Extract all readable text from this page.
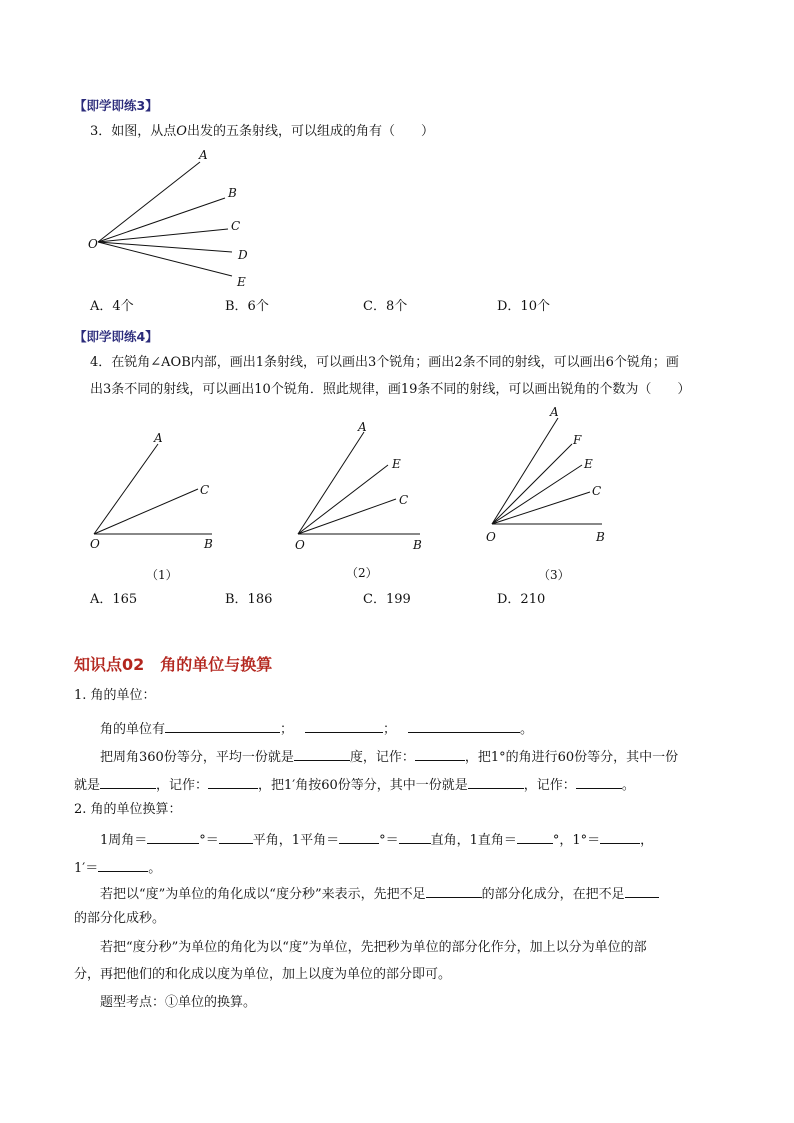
【即学即练3】
3．如图，从点O出发的五条射线，可以组成的角有（　　）
O
A
B
C
D
E
A．4个	B．6个	C．8个	D．10个
【即学即练4】
4．在锐角∠AOB内部，画出1条射线，可以画出3个锐角；画出2条不同的射线，可以画出6个锐角；画
出3条不同的射线，可以画出10个锐角．照此规律，画19条不同的射线，可以画出锐角的个数为（　　）
A
C
O	B
A
E
C
O	B
A
F
E
C
O	B
（1）	（2）	（3）
A．165	B．186	C．199	D．210
知识点02　角的单位与换算
1. 角的单位：
角的单位有	；	；	。
把周角360份等分，平均一份就是	度，记作：	，把1°的角进行60份等分，其中一份
就是	，记作：	，把1′角按60份等分，其中一份就是	，记作：	。
2. 角的单位换算：
1周角＝	°＝	平角，1平角＝	°＝ 直角，1直角＝	°，1°＝	，
1′＝	。
若把以“度”为单位的角化成以“度分秒”来表示，先把不足	的部分化成分，在把不足
的部分化成秒。
若把“度分秒”为单位的角化为以“度”为单位，先把秒为单位的部分化作分，加上以分为单位的部
分，再把他们的和化成以度为单位，加上以度为单位的部分即可。
题型考点：①单位的换算。
